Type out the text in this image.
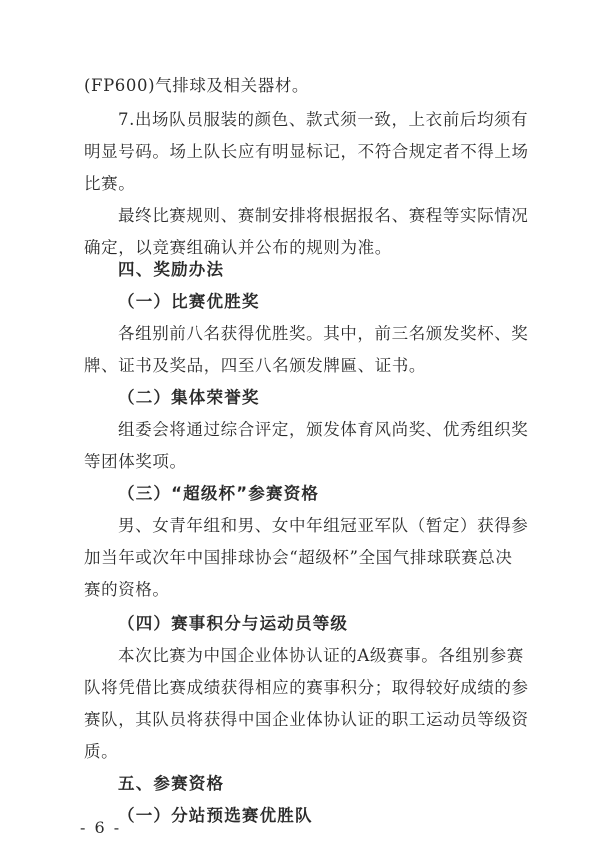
(FP600)气排球及相关器材。
7.出场队员服装的颜色、款式须一致，上衣前后均须有
明显号码。场上队长应有明显标记，不符合规定者不得上场
比赛。
最终比赛规则、赛制安排将根据报名、赛程等实际情况
确定，以竞赛组确认并公布的规则为准。
四、奖励办法
（一）比赛优胜奖
各组别前八名获得优胜奖。其中，前三名颁发奖杯、奖
牌、证书及奖品，四至八名颁发牌匾、证书。
（二）集体荣誉奖
组委会将通过综合评定，颁发体育风尚奖、优秀组织奖
等团体奖项。
（三）“超级杯”参赛资格
男、女青年组和男、女中年组冠亚军队（暂定）获得参
加当年或次年中国排球协会“超级杯”全国气排球联赛总决
赛的资格。
（四）赛事积分与运动员等级
本次比赛为中国企业体协认证的A级赛事。各组别参赛
队将凭借比赛成绩获得相应的赛事积分；取得较好成绩的参
赛队，其队员将获得中国企业体协认证的职工运动员等级资
质。
五、参赛资格
（一）分站预选赛优胜队
- 6 -
